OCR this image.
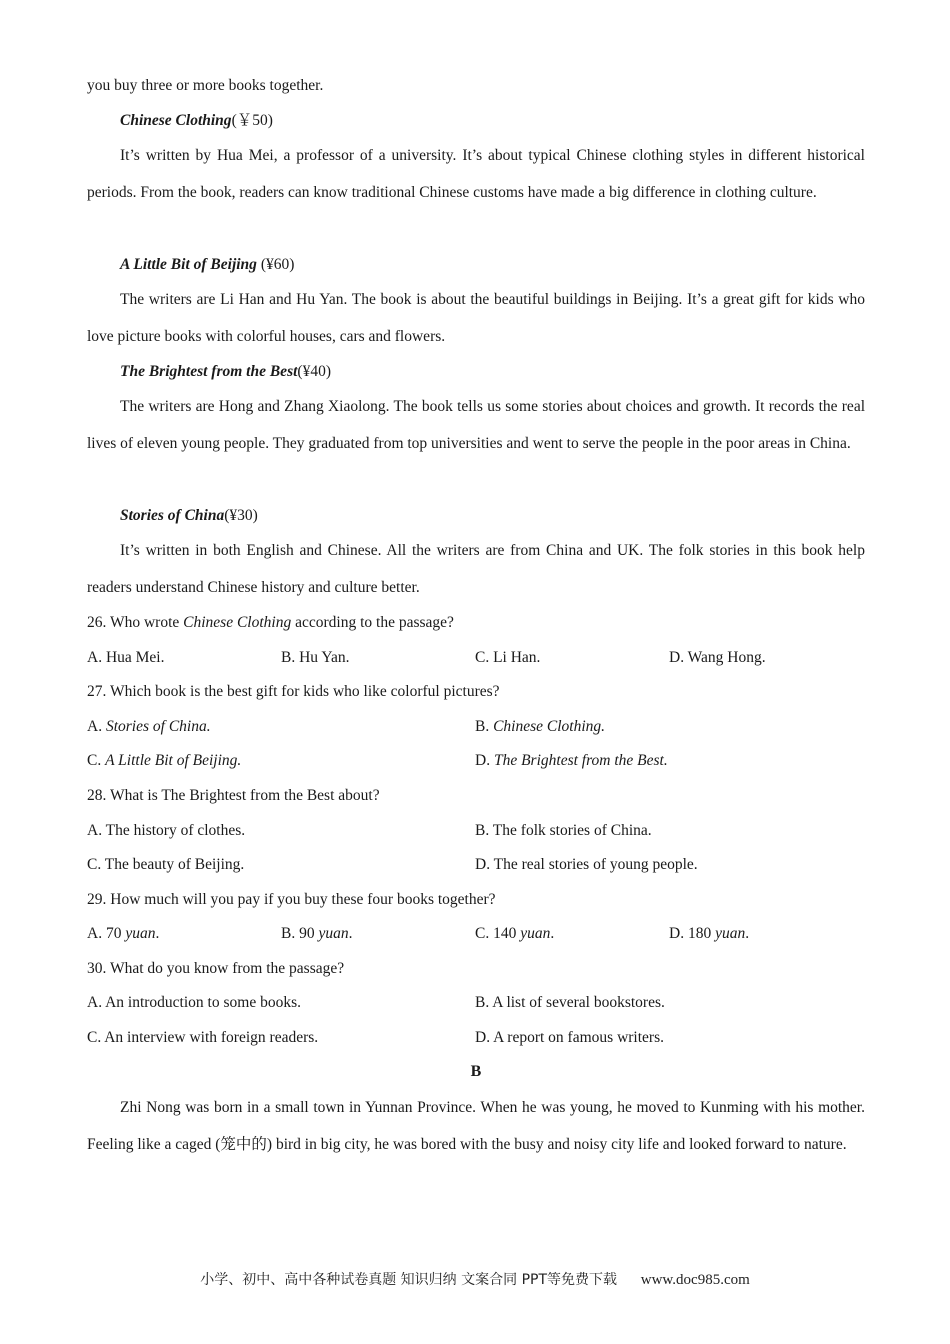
you buy three or more books together.
Chinese Clothing(￥50)
It’s written by Hua Mei, a professor of a university. It’s about typical Chinese clothing styles in different historical periods. From the book, readers can know traditional Chinese customs have made a big difference in clothing culture.
A Little Bit of Beijing (¥60)
The writers are Li Han and Hu Yan. The book is about the beautiful buildings in Beijing. It’s a great gift for kids who love picture books with colorful houses, cars and flowers.
The Brightest from the Best(¥40)
The writers are Hong and Zhang Xiaolong. The book tells us some stories about choices and growth. It records the real lives of eleven young people. They graduated from top universities and went to serve the people in the poor areas in China.
Stories of China(¥30)
It’s written in both English and Chinese. All the writers are from China and UK. The folk stories in this book help readers understand Chinese history and culture better.
26. Who wrote Chinese Clothing according to the passage?
A. Hua Mei.	B. Hu Yan.	C. Li Han.	D. Wang Hong.
27. Which book is the best gift for kids who like colorful pictures?
A. Stories of China.	B. Chinese Clothing.
C. A Little Bit of Beijing.	D. The Brightest from the Best.
28. What is The Brightest from the Best about?
A. The history of clothes.	B. The folk stories of China.
C. The beauty of Beijing.	D. The real stories of young people.
29. How much will you pay if you buy these four books together?
A. 70 yuan.	B. 90 yuan.	C. 140 yuan.	D. 180 yuan.
30. What do you know from the passage?
A. An introduction to some books.	B. A list of several bookstores.
C. An interview with foreign readers.	D. A report on famous writers.
B
Zhi Nong was born in a small town in Yunnan Province. When he was young, he moved to Kunming with his mother. Feeling like a caged (笼中的) bird in big city, he was bored with the busy and noisy city life and looked forward to nature.
小学、初中、高中各种试卷真题 知识归纳 文案合同 PPT等免费下载 www.doc985.com
